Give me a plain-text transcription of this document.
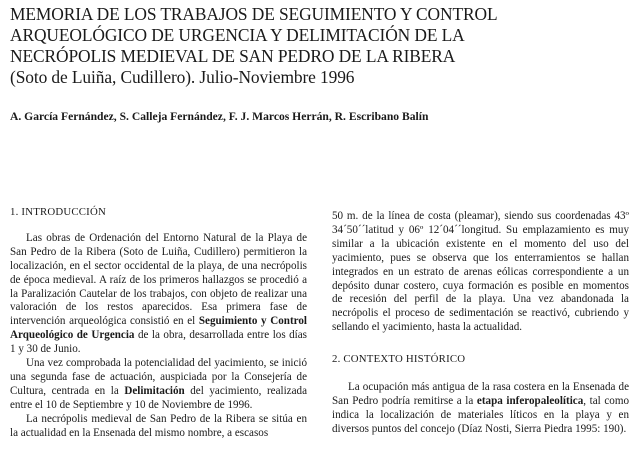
MEMORIA DE LOS TRABAJOS DE SEGUIMIENTO Y CONTROL
ARQUEOLÓGICO DE URGENCIA Y DELIMITACIÓN DE LA
NECRÓPOLIS MEDIEVAL DE SAN PEDRO DE LA RIBERA
(Soto de Luiña, Cudillero). Julio-Noviembre 1996
A. García Fernández, S. Calleja Fernández, F. J. Marcos Herrán, R. Escribano Balín
1. INTRODUCCIÓN

Las obras de Ordenación del Entorno Natural de la Playa de San Pedro de la Ribera (Soto de Luiña, Cudillero) permitieron la localización, en el sector occidental de la playa, de una necrópolis de época medieval. A raíz de los primeros hallazgos se procedió a la Paralización Cautelar de los trabajos, con objeto de realizar una valoración de los restos aparecidos. Esa primera fase de intervención arqueológica consistió en el Seguimiento y Control Arqueológico de Urgencia de la obra, desarrollada entre los días 1 y 30 de Junio.

Una vez comprobada la potencialidad del yacimiento, se inició una segunda fase de actuación, auspiciada por la Consejería de Cultura, centrada en la Delimitación del yacimiento, realizada entre el 10 de Septiembre y 10 de Noviembre de 1996.

La necrópolis medieval de San Pedro de la Ribera se sitúa en la actualidad en la Ensenada del mismo nombre, a escasos

50 m. de la línea de costa (pleamar), siendo sus coordenadas 43º 34´50´´latitud y 06º 12´04´´longitud. Su emplazamiento es muy similar a la ubicación existente en el momento del uso del yacimiento, pues se observa que los enterramientos se hallan integrados en un estrato de arenas eólicas correspondiente a un depósito dunar costero, cuya formación es posible en momentos de recesión del perfil de la playa. Una vez abandonada la necrópolis el proceso de sedimentación se reactivó, cubriendo y sellando el yacimiento, hasta la actualidad.

2. CONTEXTO HISTÓRICO

La ocupación más antigua de la rasa costera en la Ensenada de San Pedro podría remitirse a la etapa inferopaleolítica, tal como indica la localización de materiales líticos en la playa y en diversos puntos del concejo (Díaz Nosti, Sierra Piedra 1995: 190).
